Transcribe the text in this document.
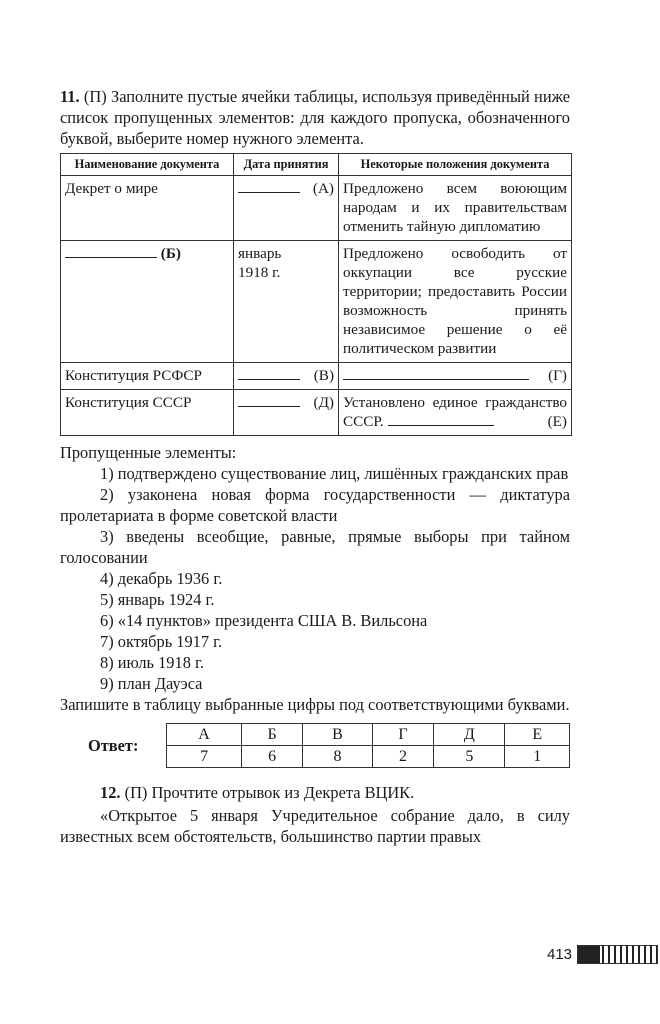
11. (П) Заполните пустые ячейки таблицы, используя приведённый ниже список пропущенных элементов: для каждого пропуска, обозначенного буквой, выберите номер нужного элемента.

Наименование документа	Дата принятия	Некоторые положения документа
Декрет о мире	(А)	Предложено всем воюющим народам и их правительствам отменить тайную дипломатию
(Б)	январь 1918 г.	Предложено освободить от оккупации все русские территории; предоставить России возможность принять независимое решение о её политическом развитии
Конституция РСФСР	(В)	(Г)

Конституция СССР	(Д)	Установлено единое гражданство СССР. (Е)

Пропущенные элементы:

1) подтверждено существование лиц, лишённых гражданских прав

2) узаконена новая форма государственности — диктатура пролетариата в форме советской власти

3) введены всеобщие, равные, прямые выборы при тайном голосовании

4) декабрь 1936 г.

5) январь 1924 г.

6) «14 пунктов» президента США В. Вильсона

7) октябрь 1917 г.

8) июль 1918 г.

9) план Дауэса

Запишите в таблицу выбранные цифры под соответствующими буквами.

Ответ:
А	Б	В	Г	Д	Е
7	6	8	2	5	1

12. (П) Прочтите отрывок из Декрета ВЦИК.

«Открытое 5 января Учредительное собрание дало, в силу известных всем обстоятельств, большинство партии правых

413
